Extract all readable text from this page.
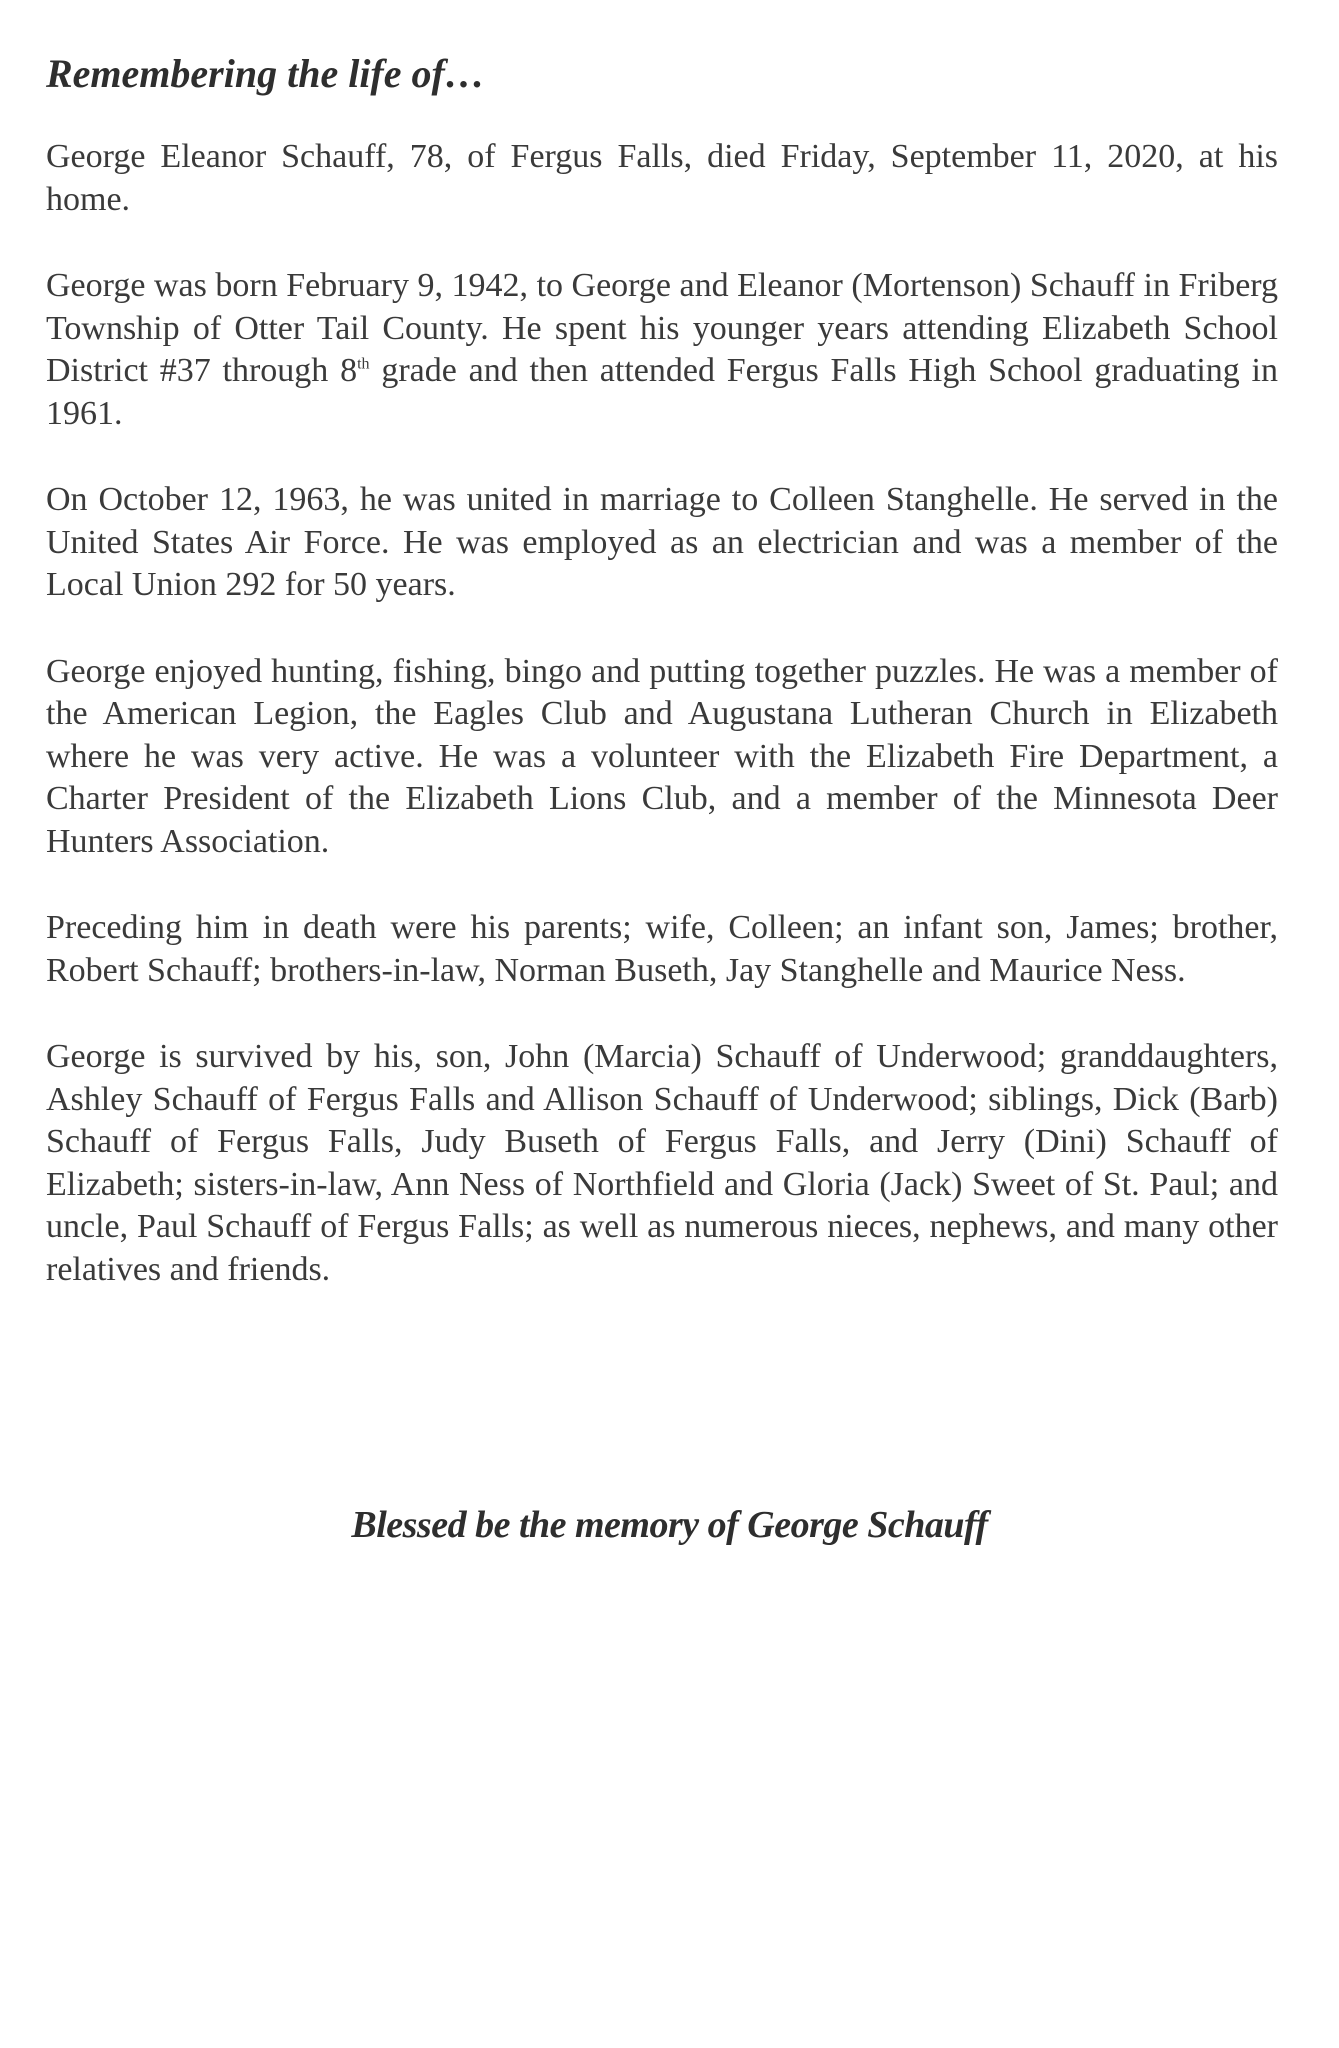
Remembering the life of…

George Eleanor Schauff, 78, of Fergus Falls, died Friday, September 11, 2020, at his home.

George was born February 9, 1942, to George and Eleanor (Mortenson) Schauff in Friberg Township of Otter Tail County. He spent his younger years attending Elizabeth School District #37 through 8th grade and then attended Fergus Falls High School graduating in 1961.

On October 12, 1963, he was united in marriage to Colleen Stanghelle. He served in the United States Air Force. He was employed as an electrician and was a member of the Local Union 292 for 50 years.

George enjoyed hunting, fishing, bingo and putting together puzzles. He was a member of the American Legion, the Eagles Club and Augustana Lutheran Church in Elizabeth where he was very active. He was a volunteer with the Elizabeth Fire Department, a Charter President of the Elizabeth Lions Club, and a member of the Minnesota Deer Hunters Association.

Preceding him in death were his parents; wife, Colleen; an infant son, James; brother, Robert Schauff; brothers-in-law, Norman Buseth, Jay Stanghelle and Maurice Ness.

George is survived by his, son, John (Marcia) Schauff of Underwood; granddaughters, Ashley Schauff of Fergus Falls and Allison Schauff of Underwood; siblings, Dick (Barb) Schauff of Fergus Falls, Judy Buseth of Fergus Falls, and Jerry (Dini) Schauff of Elizabeth; sisters-in-law, Ann Ness of Northfield and Gloria (Jack) Sweet of St. Paul; and uncle, Paul Schauff of Fergus Falls; as well as numerous nieces, nephews, and many other relatives and friends.

Blessed be the memory of George Schauff
